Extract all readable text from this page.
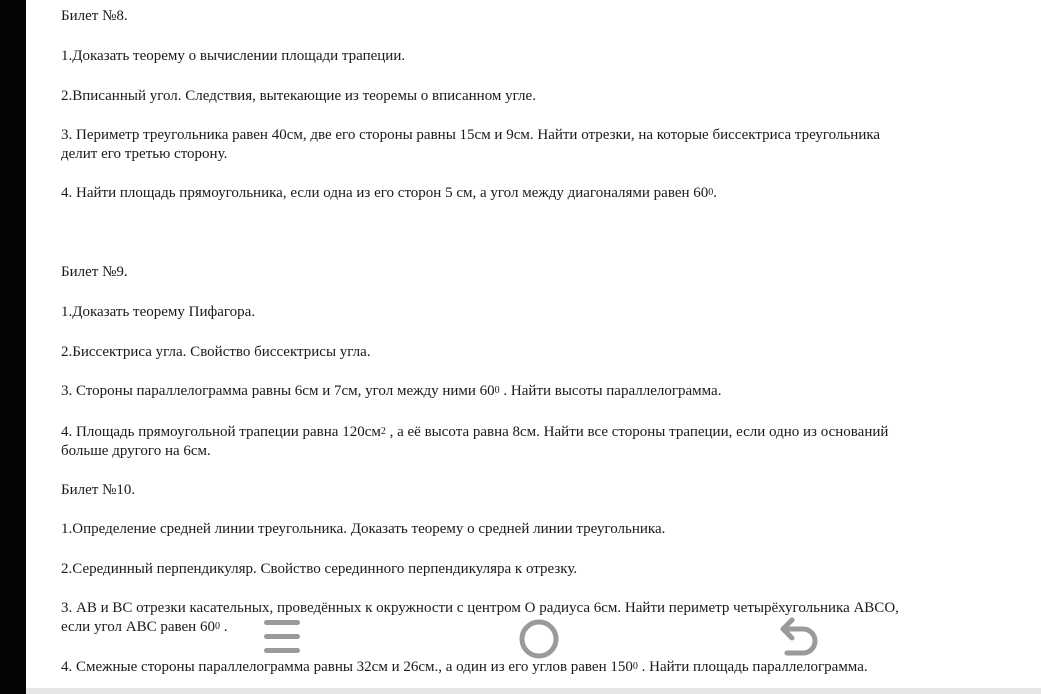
Билет №8.
1.Доказать теорему о вычислении площади трапеции.
2.Вписанный угол. Следствия, вытекающие из теоремы о вписанном угле.
3. Периметр треугольника равен 40см, две его стороны равны 15см и 9см. Найти отрезки, на которые биссектриса треугольника
делит его третью сторону.
4. Найти площадь прямоугольника, если одна из его сторон 5 см, а угол между диагоналями равен $60^0$.
Билет №9.
1.Доказать теорему Пифагора.
2.Биссектриса угла. Свойство биссектрисы угла.
3. Стороны параллелограмма равны 6см и 7см, угол между ними $60^0$ . Найти высоты параллелограмма.
4. Площадь прямоугольной трапеции равна $120см^2$ , а её высота равна 8см. Найти все стороны трапеции, если одно из оснований
больше другого на 6см.
Билет №10.
1.Определение средней линии треугольника. Доказать теорему о средней линии треугольника.
2.Серединный перпендикуляр. Свойство серединного перпендикуляра к отрезку.
3. АВ и ВС отрезки касательных, проведённых к окружности с центром О радиуса 6см. Найти периметр четырёхугольника АВСО,
если угол АВС равен $60^0$ .
4. Смежные стороны параллелограмма равны 32см и 26см., а один из его углов равен $150^0$ . Найти площадь параллелограмма.
